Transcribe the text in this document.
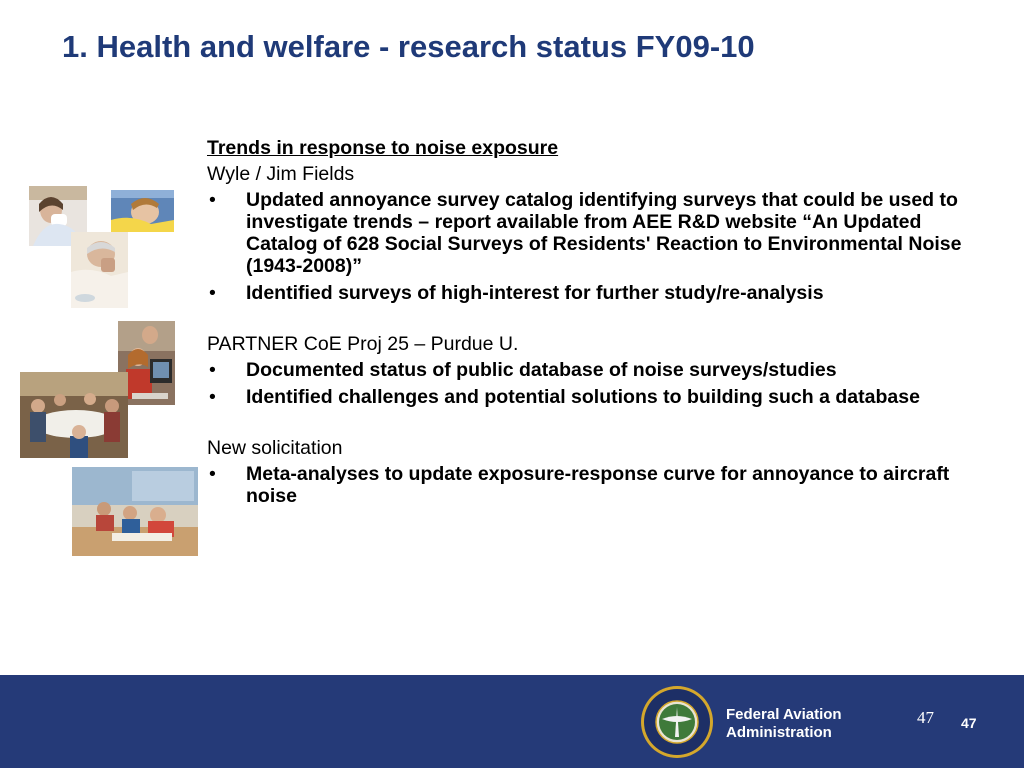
1. Health and welfare - research status FY09-10
Trends in response to noise exposure
Wyle / Jim Fields
• Updated annoyance survey catalog identifying surveys that could be used to investigate trends – report available from AEE R&D website “An Updated Catalog of 628 Social Surveys of Residents' Reaction to Environmental Noise (1943-2008)”
• Identified surveys of high-interest for further study/re-analysis
PARTNER CoE Proj 25 – Purdue U.
• Documented status of public database of noise surveys/studies
• Identified challenges and potential solutions to building such a database
New solicitation
• Meta-analyses to update exposure-response curve for annoyance to aircraft noise
Federal Aviation
Administration
47 47
